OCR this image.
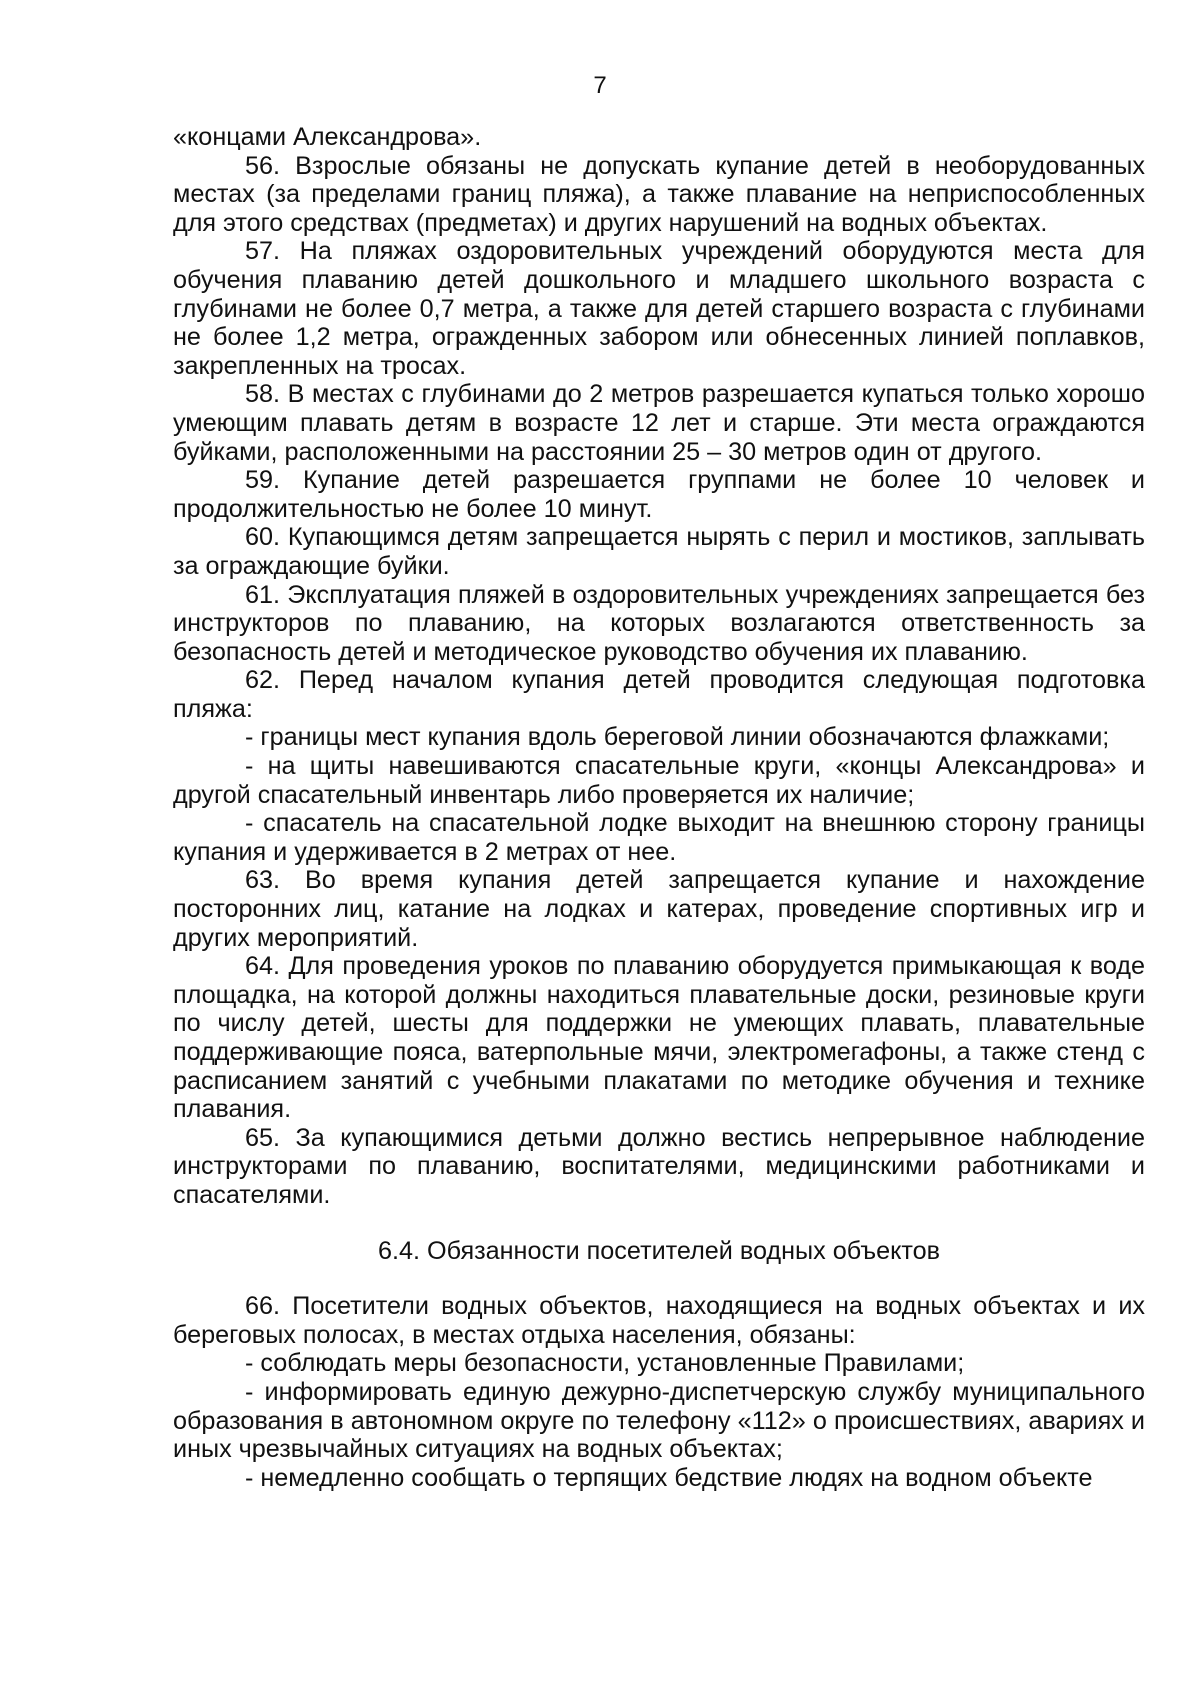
7

«концами Александрова».

56. Взрослые обязаны не допускать купание детей в необорудованных местах (за пределами границ пляжа), а также плавание на неприспособленных для этого средствах (предметах) и других нарушений на водных объектах.

57. На пляжах оздоровительных учреждений оборудуются места для обучения плаванию детей дошкольного и младшего школьного возраста с глубинами не более 0,7 метра, а также для детей старшего возраста с глубинами не более 1,2 метра, огражденных забором или обнесенных линией поплавков, закрепленных на тросах.

58. В местах с глубинами до 2 метров разрешается купаться только хорошо умеющим плавать детям в возрасте 12 лет и старше. Эти места ограждаются буйками, расположенными на расстоянии 25 – 30 метров один от другого.

59. Купание детей разрешается группами не более 10 человек и продолжительностью не более 10 минут.

60. Купающимся детям запрещается нырять с перил и мостиков, заплывать за ограждающие буйки.

61. Эксплуатация пляжей в оздоровительных учреждениях запрещается без инструкторов по плаванию, на которых возлагаются ответственность за безопасность детей и методическое руководство обучения их плаванию.

62. Перед началом купания детей проводится следующая подготовка пляжа:

- границы мест купания вдоль береговой линии обозначаются флажками;

- на щиты навешиваются спасательные круги, «концы Александрова» и другой спасательный инвентарь либо проверяется их наличие;

- спасатель на спасательной лодке выходит на внешнюю сторону границы купания и удерживается в 2 метрах от нее.

63. Во время купания детей запрещается купание и нахождение посторонних лиц, катание на лодках и катерах, проведение спортивных игр и других мероприятий.

64. Для проведения уроков по плаванию оборудуется примыкающая к воде площадка, на которой должны находиться плавательные доски, резиновые круги по числу детей, шесты для поддержки не умеющих плавать, плавательные поддерживающие пояса, ватерпольные мячи, электромегафоны, а также стенд с расписанием занятий с учебными плакатами по методике обучения и технике плавания.

65. За купающимися детьми должно вестись непрерывное наблюдение инструкторами по плаванию, воспитателями, медицинскими работниками и спасателями.

6.4. Обязанности посетителей водных объектов

66. Посетители водных объектов, находящиеся на водных объектах и их береговых полосах, в местах отдыха населения, обязаны:

- соблюдать меры безопасности, установленные Правилами;

- информировать единую дежурно-диспетчерскую службу муниципального образования в автономном округе по телефону «112» о происшествиях, авариях и иных чрезвычайных ситуациях на водных объектах;

- немедленно сообщать о терпящих бедствие людях на водном объекте
